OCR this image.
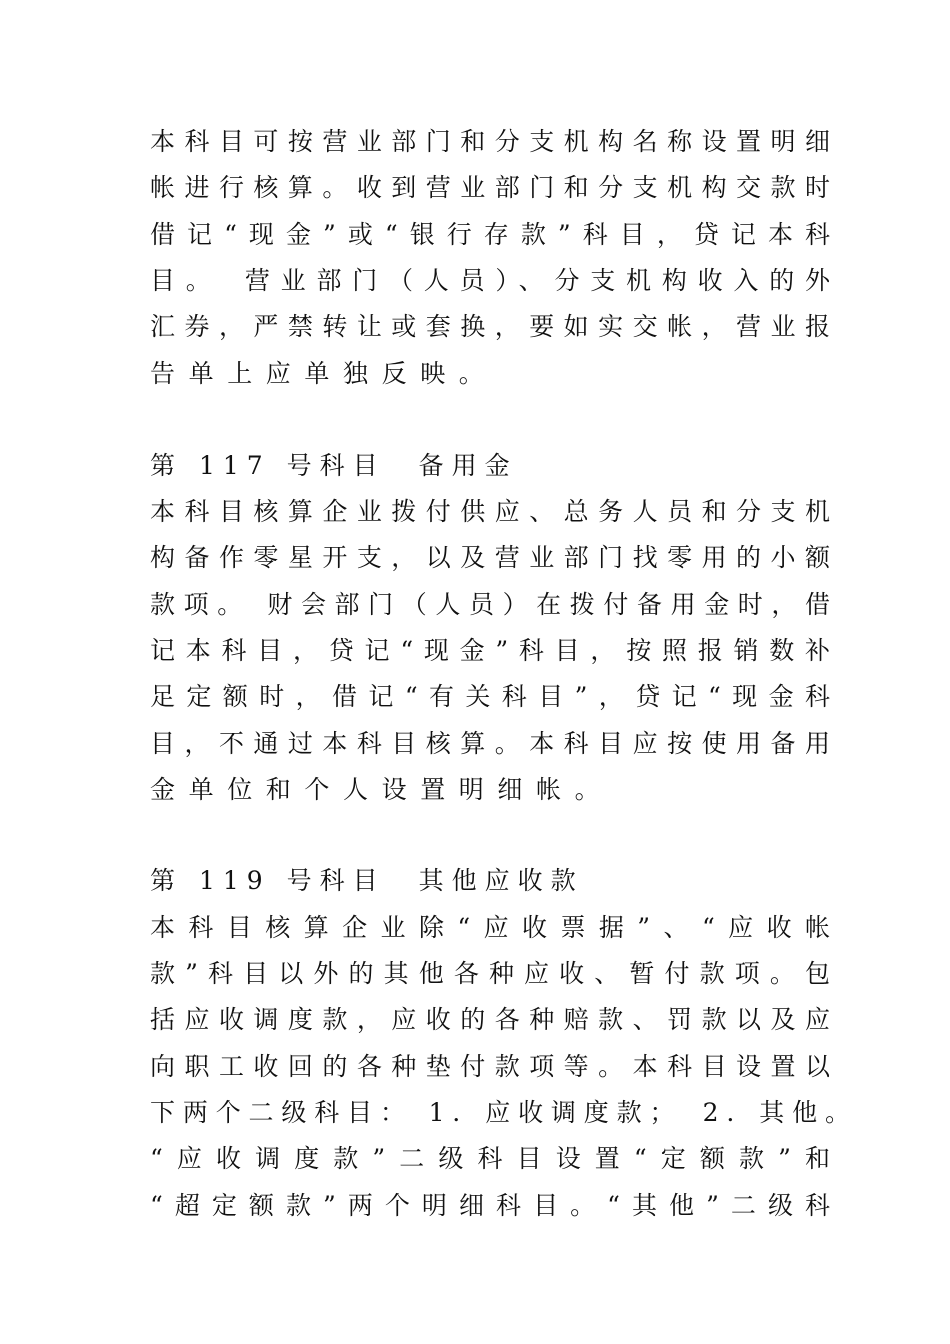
本科目可按营业部门和分支机构名称设置明细
帐进行核算。收到营业部门和分支机构交款时
借记“现金”或“银行存款”科目，贷记本科
目。　营业部门（人员）、分支机构收入的外
汇券，严禁转让或套换，要如实交帐，营业报
告单上应单独反映。
第 117 号科目　备用金
本科目核算企业拨付供应、总务人员和分支机
构备作零星开支，以及营业部门找零用的小额
款项。 财会部门（人员）在拨付备用金时，借
记本科目，贷记“现金”科目，按照报销数补
足定额时，借记“有关科目”，贷记“现金科
目，不通过本科目核算。本科目应按使用备用
金单位和个人设置明细帐。
第 119 号科目　其他应收款
本科目核算企业除“应收票据”、“应收帐
款”科目以外的其他各种应收、暂付款项。包
括应收调度款，应收的各种赔款、罚款以及应
向职工收回的各种垫付款项等。本科目设置以
下两个二级科目： 1．应收调度款；　2．其他。
“应收调度款”二级科目设置“定额款”和
“超定额款”两个明细科目。“其他”二级科
